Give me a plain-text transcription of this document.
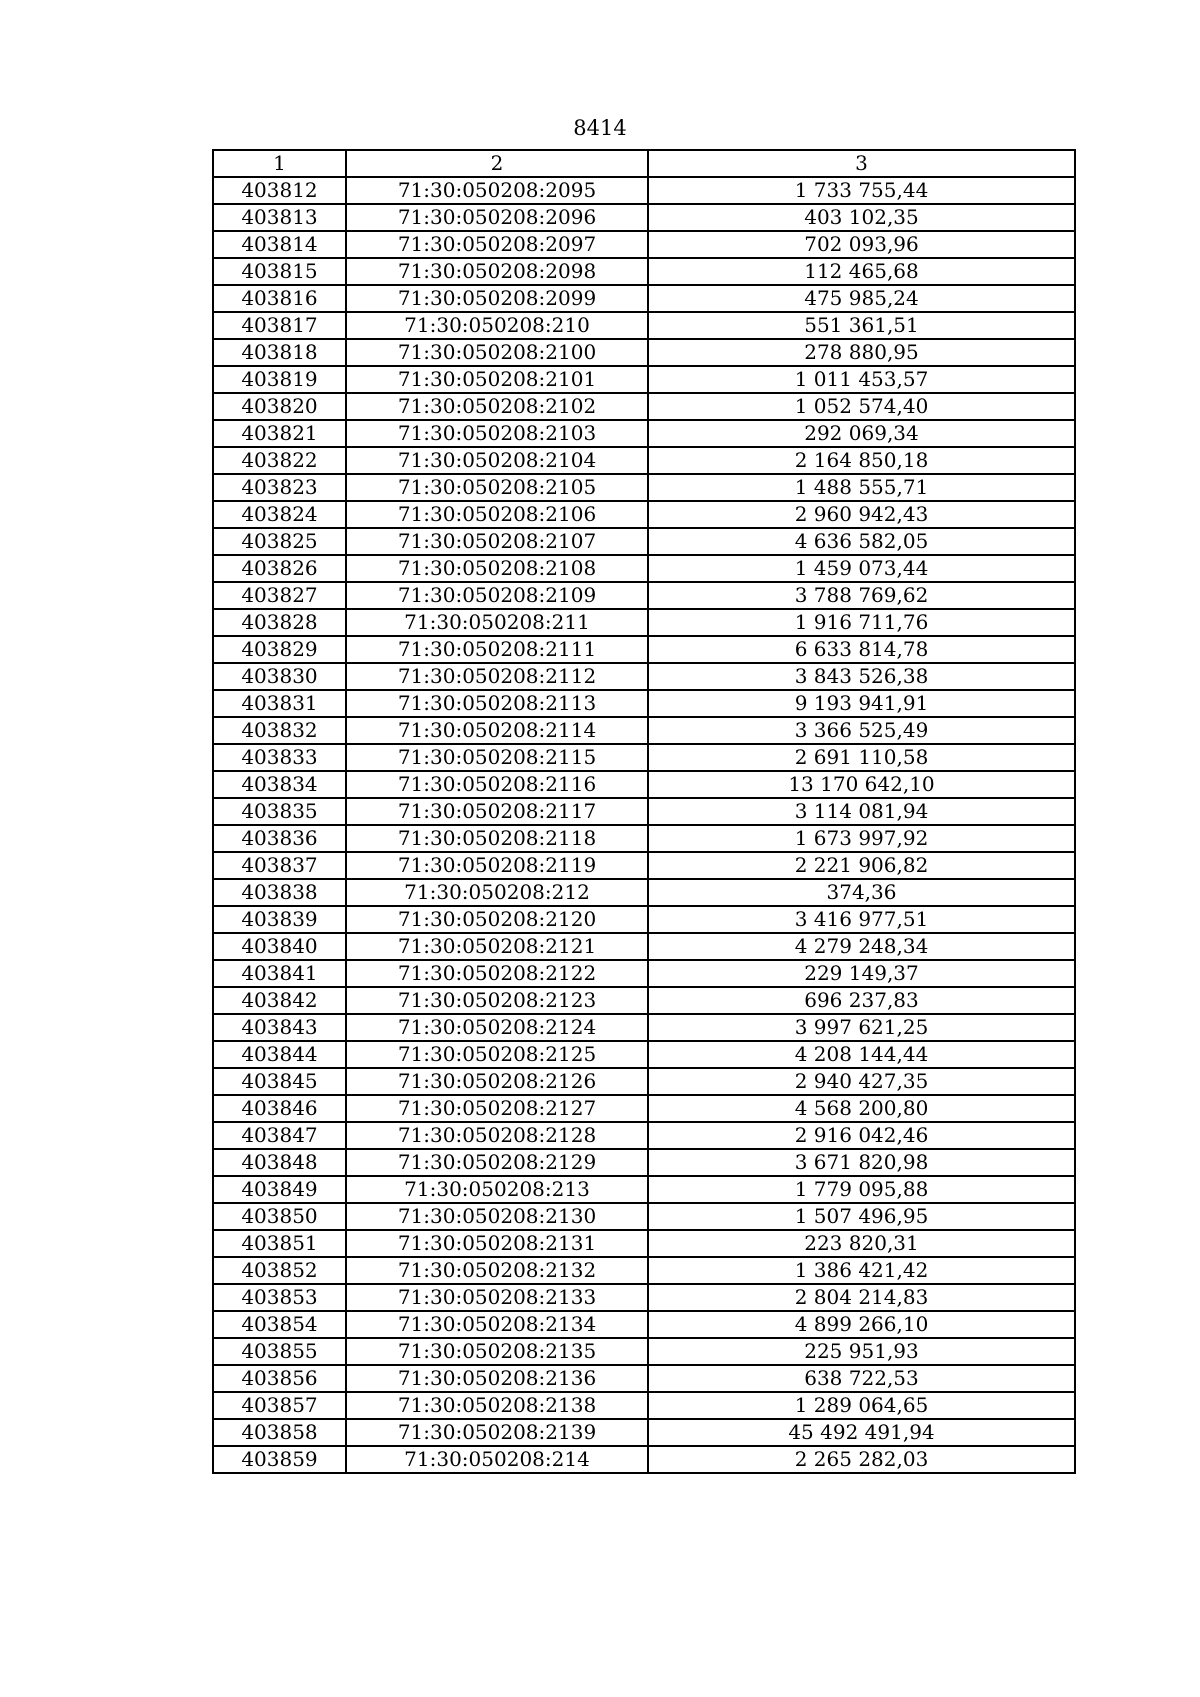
8414
1	2	3
403812	71:30:050208:2095	1 733 755,44
403813	71:30:050208:2096	403 102,35
403814	71:30:050208:2097	702 093,96
403815	71:30:050208:2098	112 465,68
403816	71:30:050208:2099	475 985,24
403817	71:30:050208:210	551 361,51
403818	71:30:050208:2100	278 880,95
403819	71:30:050208:2101	1 011 453,57
403820	71:30:050208:2102	1 052 574,40
403821	71:30:050208:2103	292 069,34
403822	71:30:050208:2104	2 164 850,18
403823	71:30:050208:2105	1 488 555,71
403824	71:30:050208:2106	2 960 942,43
403825	71:30:050208:2107	4 636 582,05
403826	71:30:050208:2108	1 459 073,44
403827	71:30:050208:2109	3 788 769,62
403828	71:30:050208:211	1 916 711,76
403829	71:30:050208:2111	6 633 814,78
403830	71:30:050208:2112	3 843 526,38
403831	71:30:050208:2113	9 193 941,91
403832	71:30:050208:2114	3 366 525,49
403833	71:30:050208:2115	2 691 110,58
403834	71:30:050208:2116	13 170 642,10
403835	71:30:050208:2117	3 114 081,94
403836	71:30:050208:2118	1 673 997,92
403837	71:30:050208:2119	2 221 906,82
403838	71:30:050208:212	374,36
403839	71:30:050208:2120	3 416 977,51
403840	71:30:050208:2121	4 279 248,34
403841	71:30:050208:2122	229 149,37
403842	71:30:050208:2123	696 237,83
403843	71:30:050208:2124	3 997 621,25
403844	71:30:050208:2125	4 208 144,44
403845	71:30:050208:2126	2 940 427,35
403846	71:30:050208:2127	4 568 200,80
403847	71:30:050208:2128	2 916 042,46
403848	71:30:050208:2129	3 671 820,98
403849	71:30:050208:213	1 779 095,88
403850	71:30:050208:2130	1 507 496,95
403851	71:30:050208:2131	223 820,31
403852	71:30:050208:2132	1 386 421,42
403853	71:30:050208:2133	2 804 214,83
403854	71:30:050208:2134	4 899 266,10
403855	71:30:050208:2135	225 951,93
403856	71:30:050208:2136	638 722,53
403857	71:30:050208:2138	1 289 064,65
403858	71:30:050208:2139	45 492 491,94
403859	71:30:050208:214	2 265 282,03
